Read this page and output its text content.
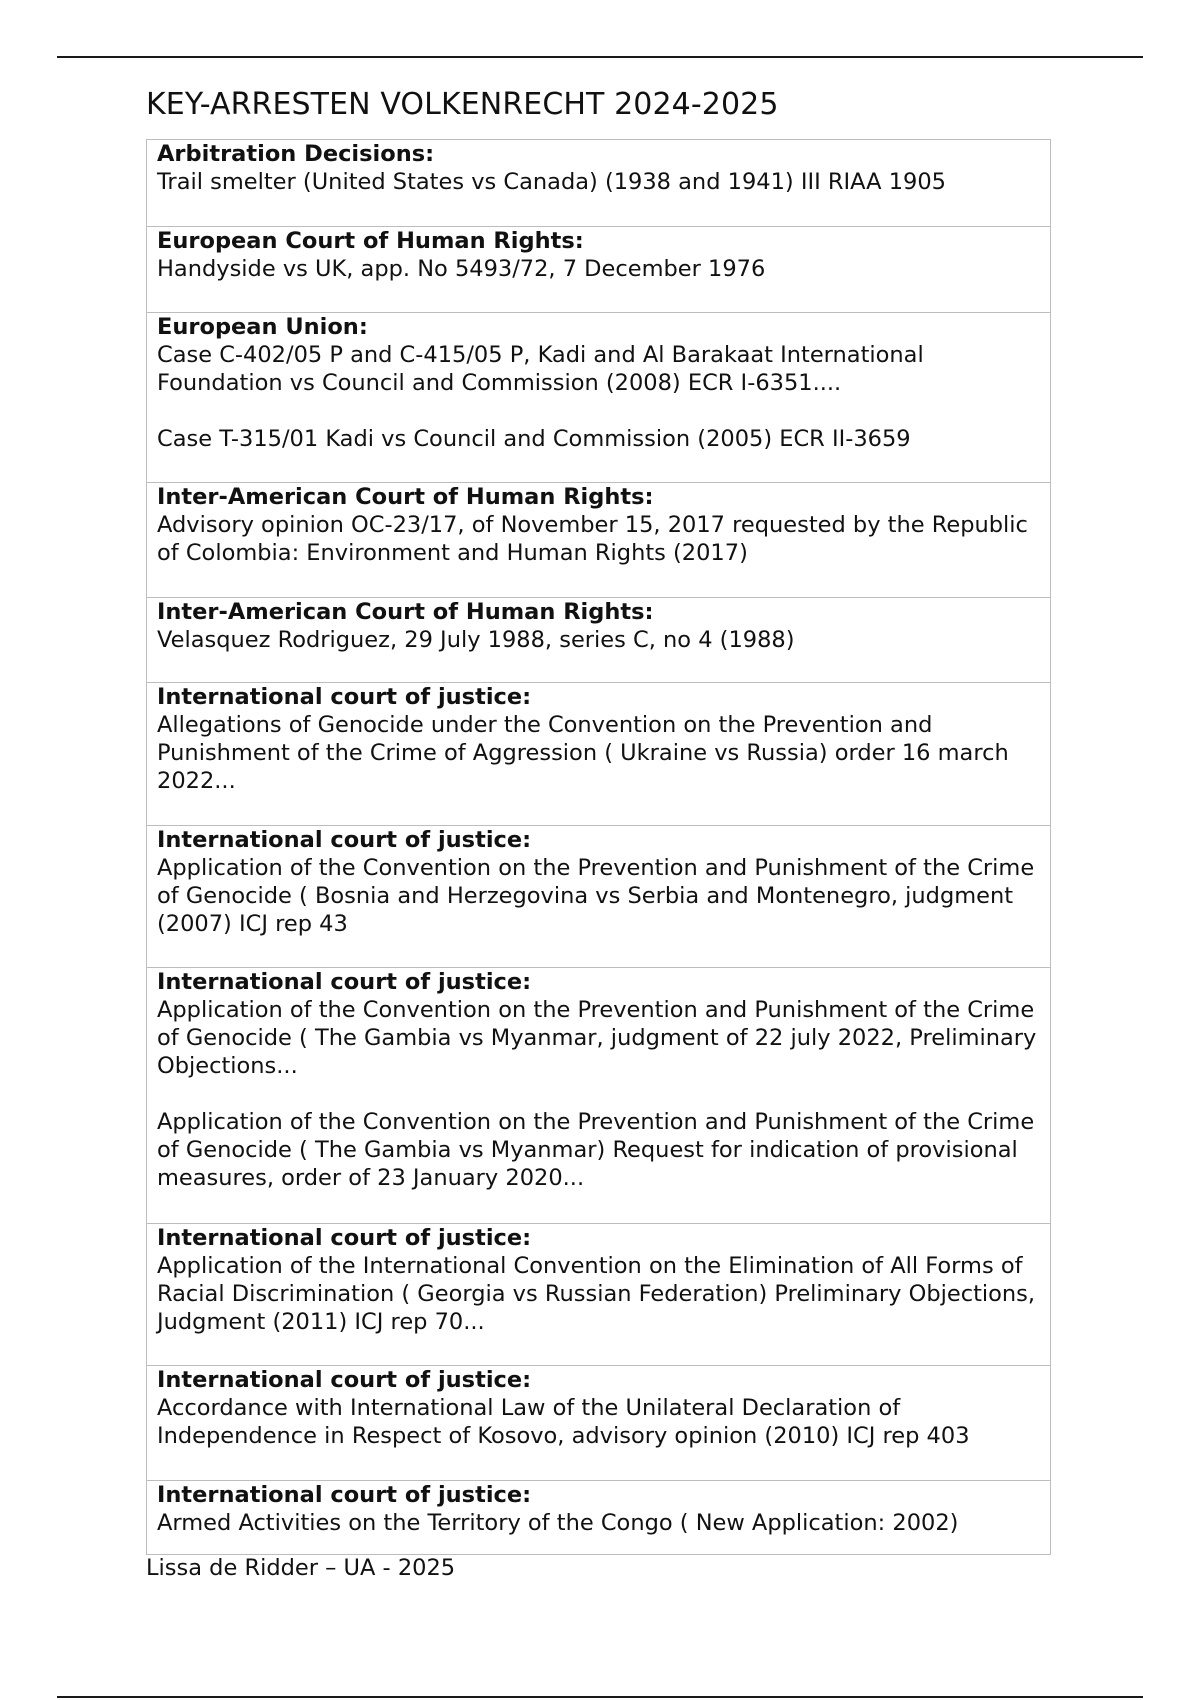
KEY-ARRESTEN VOLKENRECHT 2024-2025
Arbitration Decisions:
Trail smelter (United States vs Canada) (1938 and 1941) III RIAA 1905
European Court of Human Rights:
Handyside vs UK, app. No 5493/72, 7 December 1976
European Union:
Case C-402/05 P and C-415/05 P, Kadi and Al Barakaat International Foundation vs Council and Commission (2008) ECR I-6351....
Case T-315/01 Kadi vs Council and Commission (2005) ECR II-3659
Inter-American Court of Human Rights:
Advisory opinion OC-23/17, of November 15, 2017 requested by the Republic of Colombia: Environment and Human Rights (2017)
Inter-American Court of Human Rights:
Velasquez Rodriguez, 29 July 1988, series C, no 4 (1988)
International court of justice:
Allegations of Genocide under the Convention on the Prevention and Punishment of the Crime of Aggression ( Ukraine vs Russia) order 16 march 2022...
International court of justice:
Application of the Convention on the Prevention and Punishment of the Crime of Genocide ( Bosnia and Herzegovina vs Serbia and Montenegro, judgment (2007) ICJ rep 43
International court of justice:
Application of the Convention on the Prevention and Punishment of the Crime of Genocide ( The Gambia vs Myanmar, judgment of 22 july 2022, Preliminary Objections...
Application of the Convention on the Prevention and Punishment of the Crime of Genocide ( The Gambia vs Myanmar) Request for indication of provisional measures, order of 23 January 2020...
International court of justice:
Application of the International Convention on the Elimination of All Forms of Racial Discrimination ( Georgia vs Russian Federation) Preliminary Objections, Judgment (2011) ICJ rep 70...
International court of justice:
Accordance with International Law of the Unilateral Declaration of Independence in Respect of Kosovo, advisory opinion (2010) ICJ rep 403
International court of justice:
Armed Activities on the Territory of the Congo ( New Application: 2002)
Lissa de Ridder – UA - 2025
